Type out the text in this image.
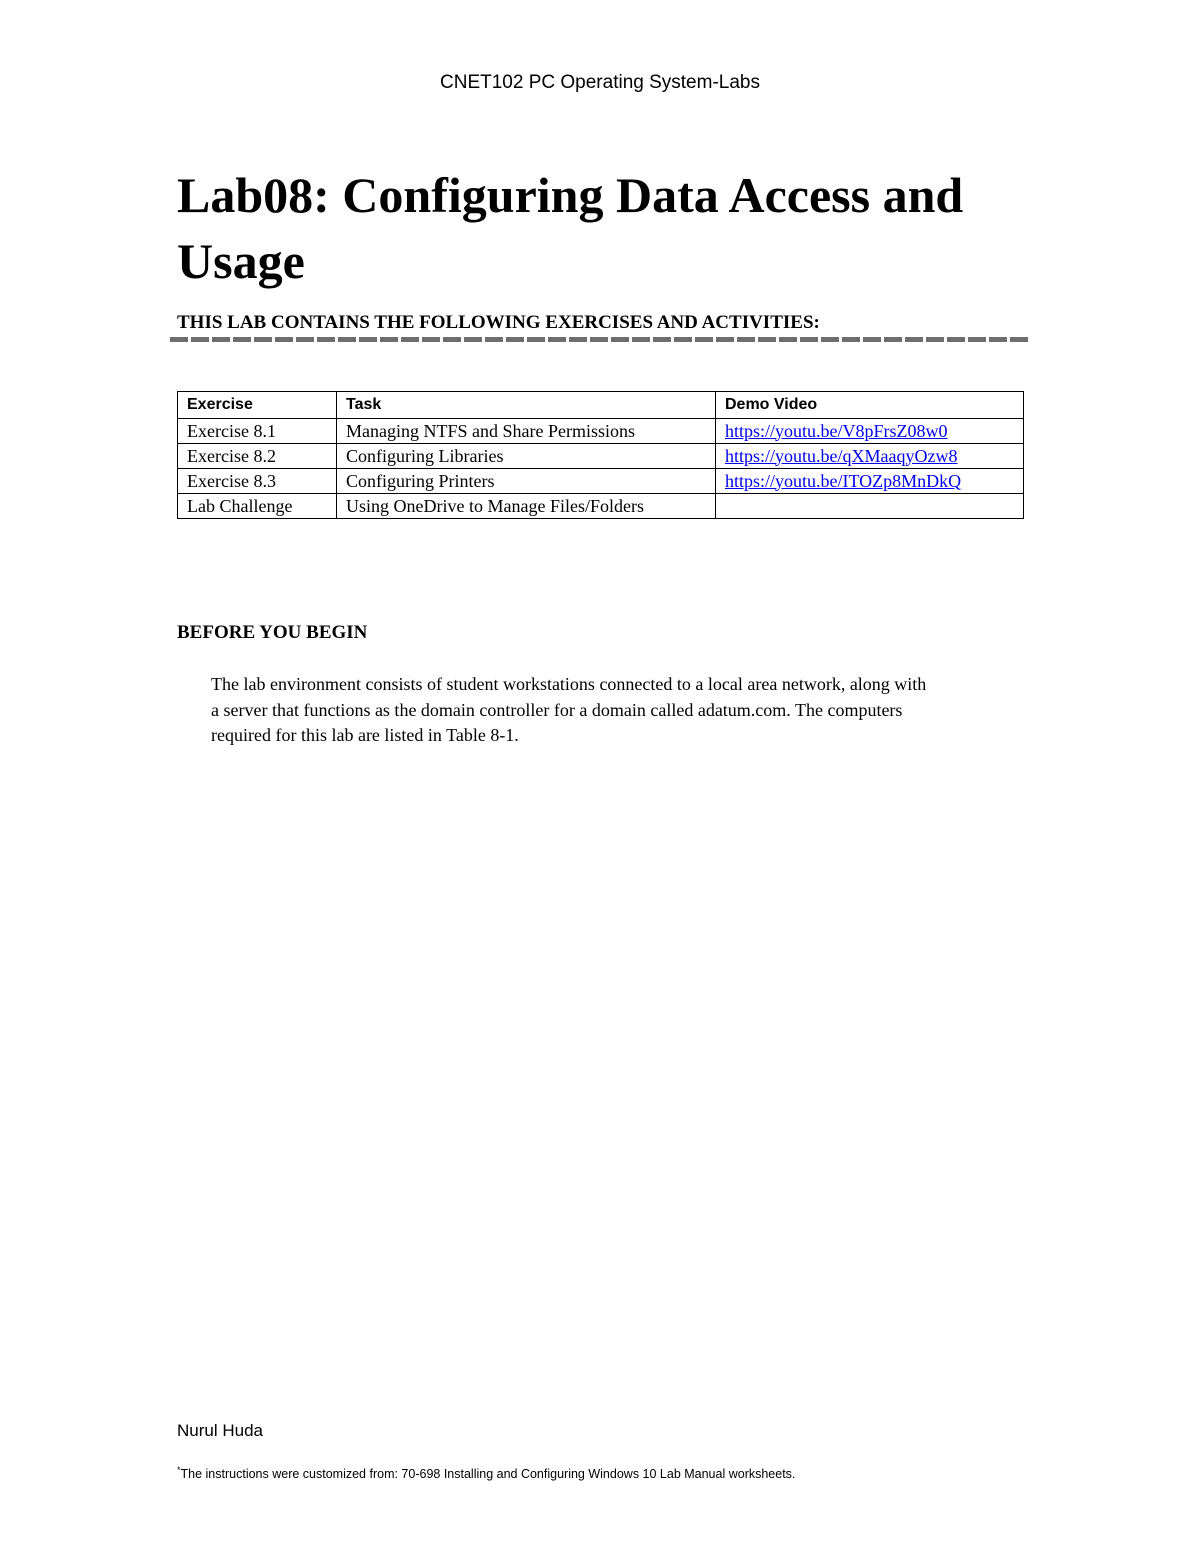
CNET102 PC Operating System-Labs
Lab08: Configuring Data Access and Usage
THIS LAB CONTAINS THE FOLLOWING EXERCISES AND ACTIVITIES:
Exercise	Task	Demo Video
Exercise 8.1	Managing NTFS and Share Permissions	https://youtu.be/V8pFrsZ08w0
Exercise 8.2	Configuring Libraries	https://youtu.be/qXMaaqyOzw8
Exercise 8.3	Configuring Printers	https://youtu.be/ITOZp8MnDkQ
Lab Challenge	Using OneDrive to Manage Files/Folders	
BEFORE YOU BEGIN

The lab environment consists of student workstations connected to a local area network, along with a server that functions as the domain controller for a domain called adatum.com. The computers required for this lab are listed in Table 8-1.

Nurul Huda
*The instructions were customized from: 70-698 Installing and Configuring Windows 10 Lab Manual worksheets.
